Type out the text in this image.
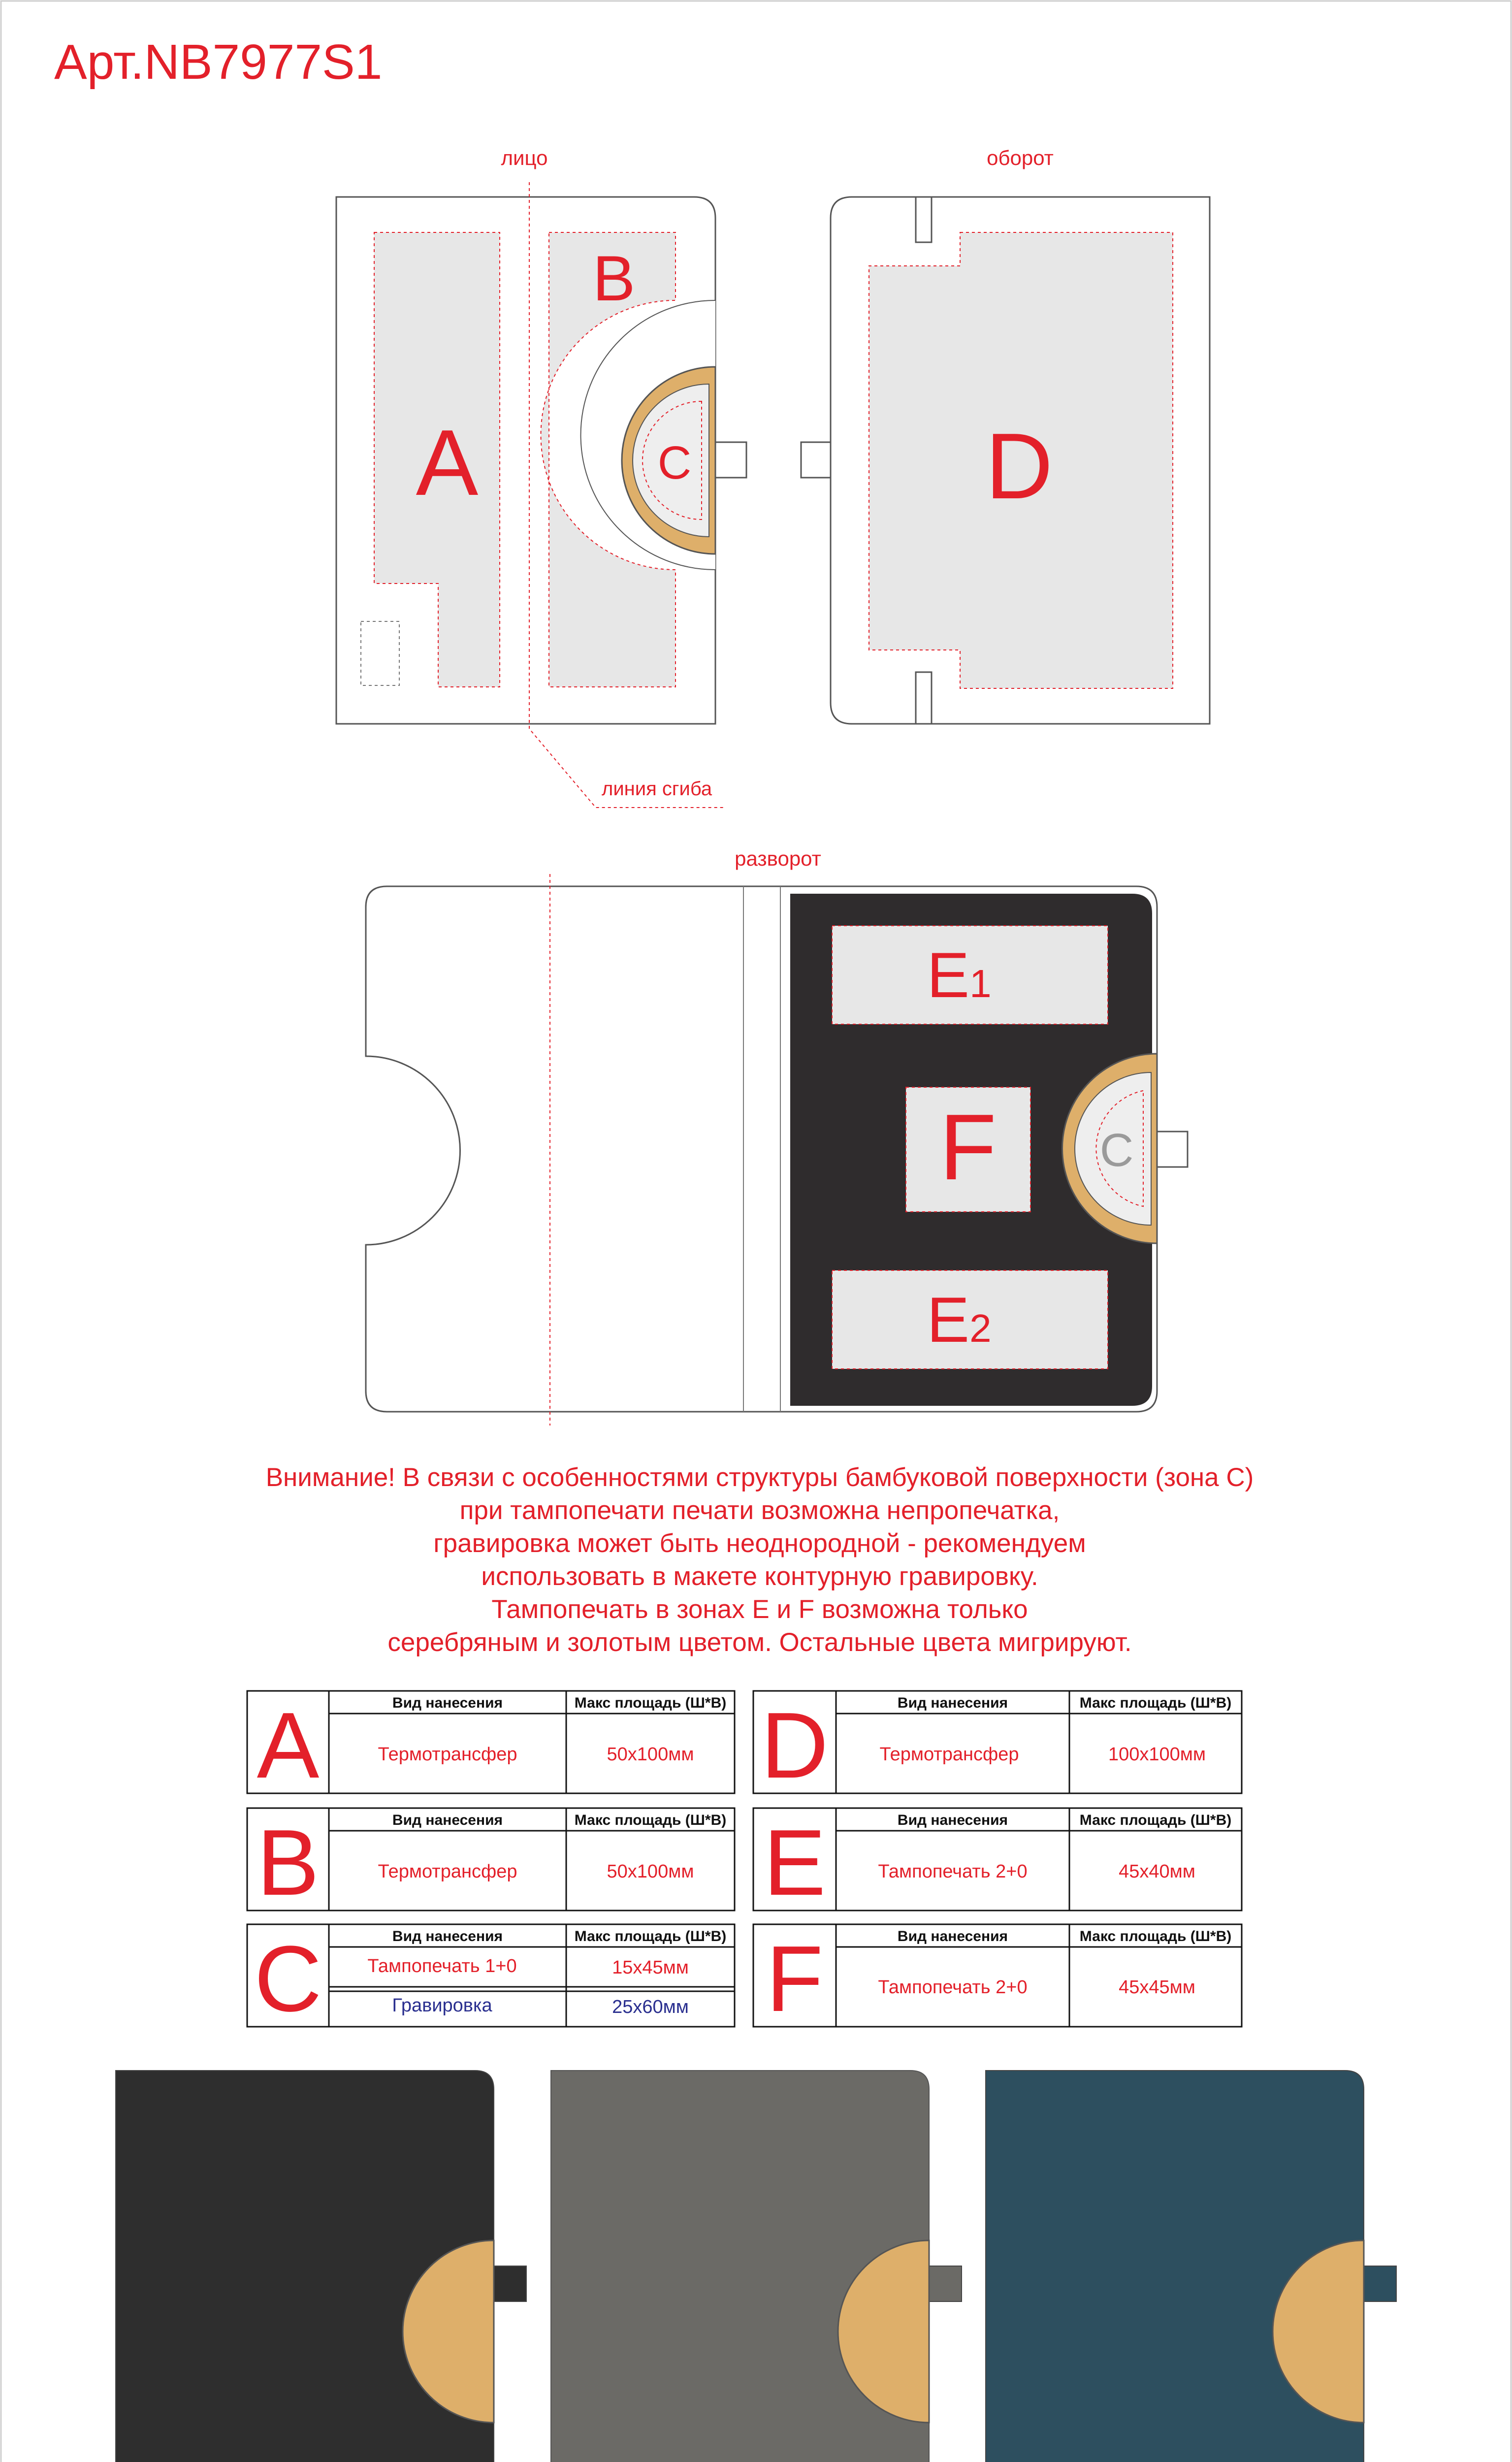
Арт.NB7977S1
лицо
A
B
C
линия сгиба
оборот
D
разворот
E1
F
E2
C
Внимание! В связи с особенностями структуры бамбуковой поверхности (зона С)
при тампопечати печати возможна непропечатка,
гравировка может быть неоднородной - рекомендуем
использовать в макете контурную гравировку.
Тампопечать в зонах Е и F возможна только
серебряным и золотым цветом. Остальные цвета мигрируют.
A	Вид нанесения	Макс площадь (Ш*В)
Термотрансфер	50x100мм
B	Вид нанесения	Макс площадь (Ш*В)
Термотрансфер	50x100мм
C	Вид нанесения	Макс площадь (Ш*В)
Тампопечать 1+0	15x45мм
Гравировка	25x60мм
D	Вид нанесения	Макс площадь (Ш*В)
Термотрансфер	100x100мм
E	Вид нанесения	Макс площадь (Ш*В)
Тампопечать 2+0	45x40мм
F	Вид нанесения	Макс площадь (Ш*В)
Тампопечать 2+0	45x45мм
